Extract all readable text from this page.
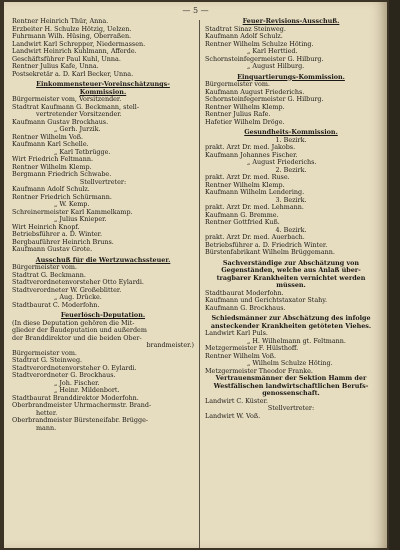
— 5 —

Rentner Heinrich Thür, Anna.

Erzbeiter H. Schulze Hötzig, Uelzen.

Fuhrmann Wilh. Hüsing, Oberraßen.

Landwirt Karl Schrepper, Niedermassen.

Landwirt Heinrich Kuhlmann, Afferde.

Geschäftsführer Paul Kuhl, Unna.

Rentner Julius Kafe, Unna.

Postsekretär a. D. Karl Becker, Unna.

Einkommensteuer-Voreinschätzungs-

Kommission.

Bürgermeister vom, Vorsitzender.

Stadtrat Kaufmann G. Beckmann, stell-

vertretender Vorsitzender.

Kaufmann Gustav Brockhaus.

„ Gerh. Jurzik.

Rentner Wilhelm Voß.

Kaufmann Karl Schelle.

„ Karl Tetbrügge.

Wirt Friedrich Feltmann.

Rentner Wilhelm Klemp.

Bergmann Friedrich Schwabe.

Stellvertreter:

Kaufmann Adolf Schulz.

Rentner Friedrich Schürmann.

„ W. Kemp.

Schreinermeister Karl Kammelkamp.

„ Julius Knieper.

Wirt Heinrich Knopf.

Betriebsführer a. D. Winter.

Bergbauführer Heinrich Bruns.

Kaufmann Gustav Grote.

Ausschuß für die Wertzuwachssteuer.

Bürgermeister vom.

Stadtrat G. Beckmann.

Stadtverordnetenvorsteher Otto Eylardi.

Stadtverordneter W. Großeblitter.

„ Aug. Drücke.

Stadtbaurat C. Moderfohn.

Feuerlösch-Deputation.

(In diese Deputation gehören die Mit-

glieder der Baudeputation und außerdem

der Branddirektor und die beiden Ober-

brandmeister.)

Bürgermeister vom.

Stadtrat G. Steinweg.

Stadtverordnetenvorsteher O. Eylardi.

Stadtverordneter G. Brockhaus.

„ Joh. Fischer.

„ Heinr. Mildenbort.

Stadtbaurat Branddirektor Moderfohn.

Oberbrandmeister Uhrmachermstr. Brand-

hetter.

Oberbrandmeister Bürsteneifabr. Brügge-

mann.

Feuer-Revisions-Ausschuß.

Stadtrat Sinaz Steinweg.

Kaufmann Adolf Schulz.

Rentner Wilhelm Schulze Höting.

„ Karl Herttied.

Schornsteinfegermeister G. Hilburg.

„ August Hilburg.

Einquartierungs-Kommission.

Bürgermeister vom.

Kaufmann August Friederichs.

Schornsteinfegermeister G. Hilburg.

Rentner Wilhelm Klemp.

Rentner Julius Rafe.

Hafetier Wilhelm Dröge.

Gesundheits-Kommission.

1. Bezirk.

prakt. Arzt Dr. med. Jakobs.

Kaufmann Johannes Fischer.

„ August Friederichs.

2. Bezirk.

prakt. Arzt Dr. med. Ruse.

Rentner Wilhelm Klemp.

Kaufmann Wilhelm Lendering.

3. Bezirk.

prakt. Arzt Dr. med. Lehmann.

Kaufmann G. Bremme.

Rentner Gottfried Kuß.

4. Bezirk.

prakt. Arzt Dr. med. Auerbach.

Betriebsführer a. D. Friedrich Winter.

Bürstenfabrikant Wilhelm Brüggemann.

Sachverständige zur Abschätzung von

Gegenständen, welche aus Anlaß über-

tragbarer Krankheiten vernichtet werden

müssen.

Stadtbaurat Moderfohn.

Kaufmann und Gerichtstaxator Stahy.

Kaufmann G. Brockhaus.

Schiedsmänner zur Abschätzung des infolge

ansteckender Krankheiten getöteten Viehes.

Landwirt Karl Puls.

„ H. Wilhelmann gt. Feltmann.

Metzgermeister F. Hülsthoff.

Rentner Wilhelm Voß.

„ Wilhelm Schulze Höting.

Metzgermeister Theodor Franke.

Vertrauensmänner der Sektion Hamm der

Westfälischen landwirtschaftlichen Berufs-

genossenschaft.

Landwirt C. Küster.

Stellvertreter:

Landwirt W. Voß.
